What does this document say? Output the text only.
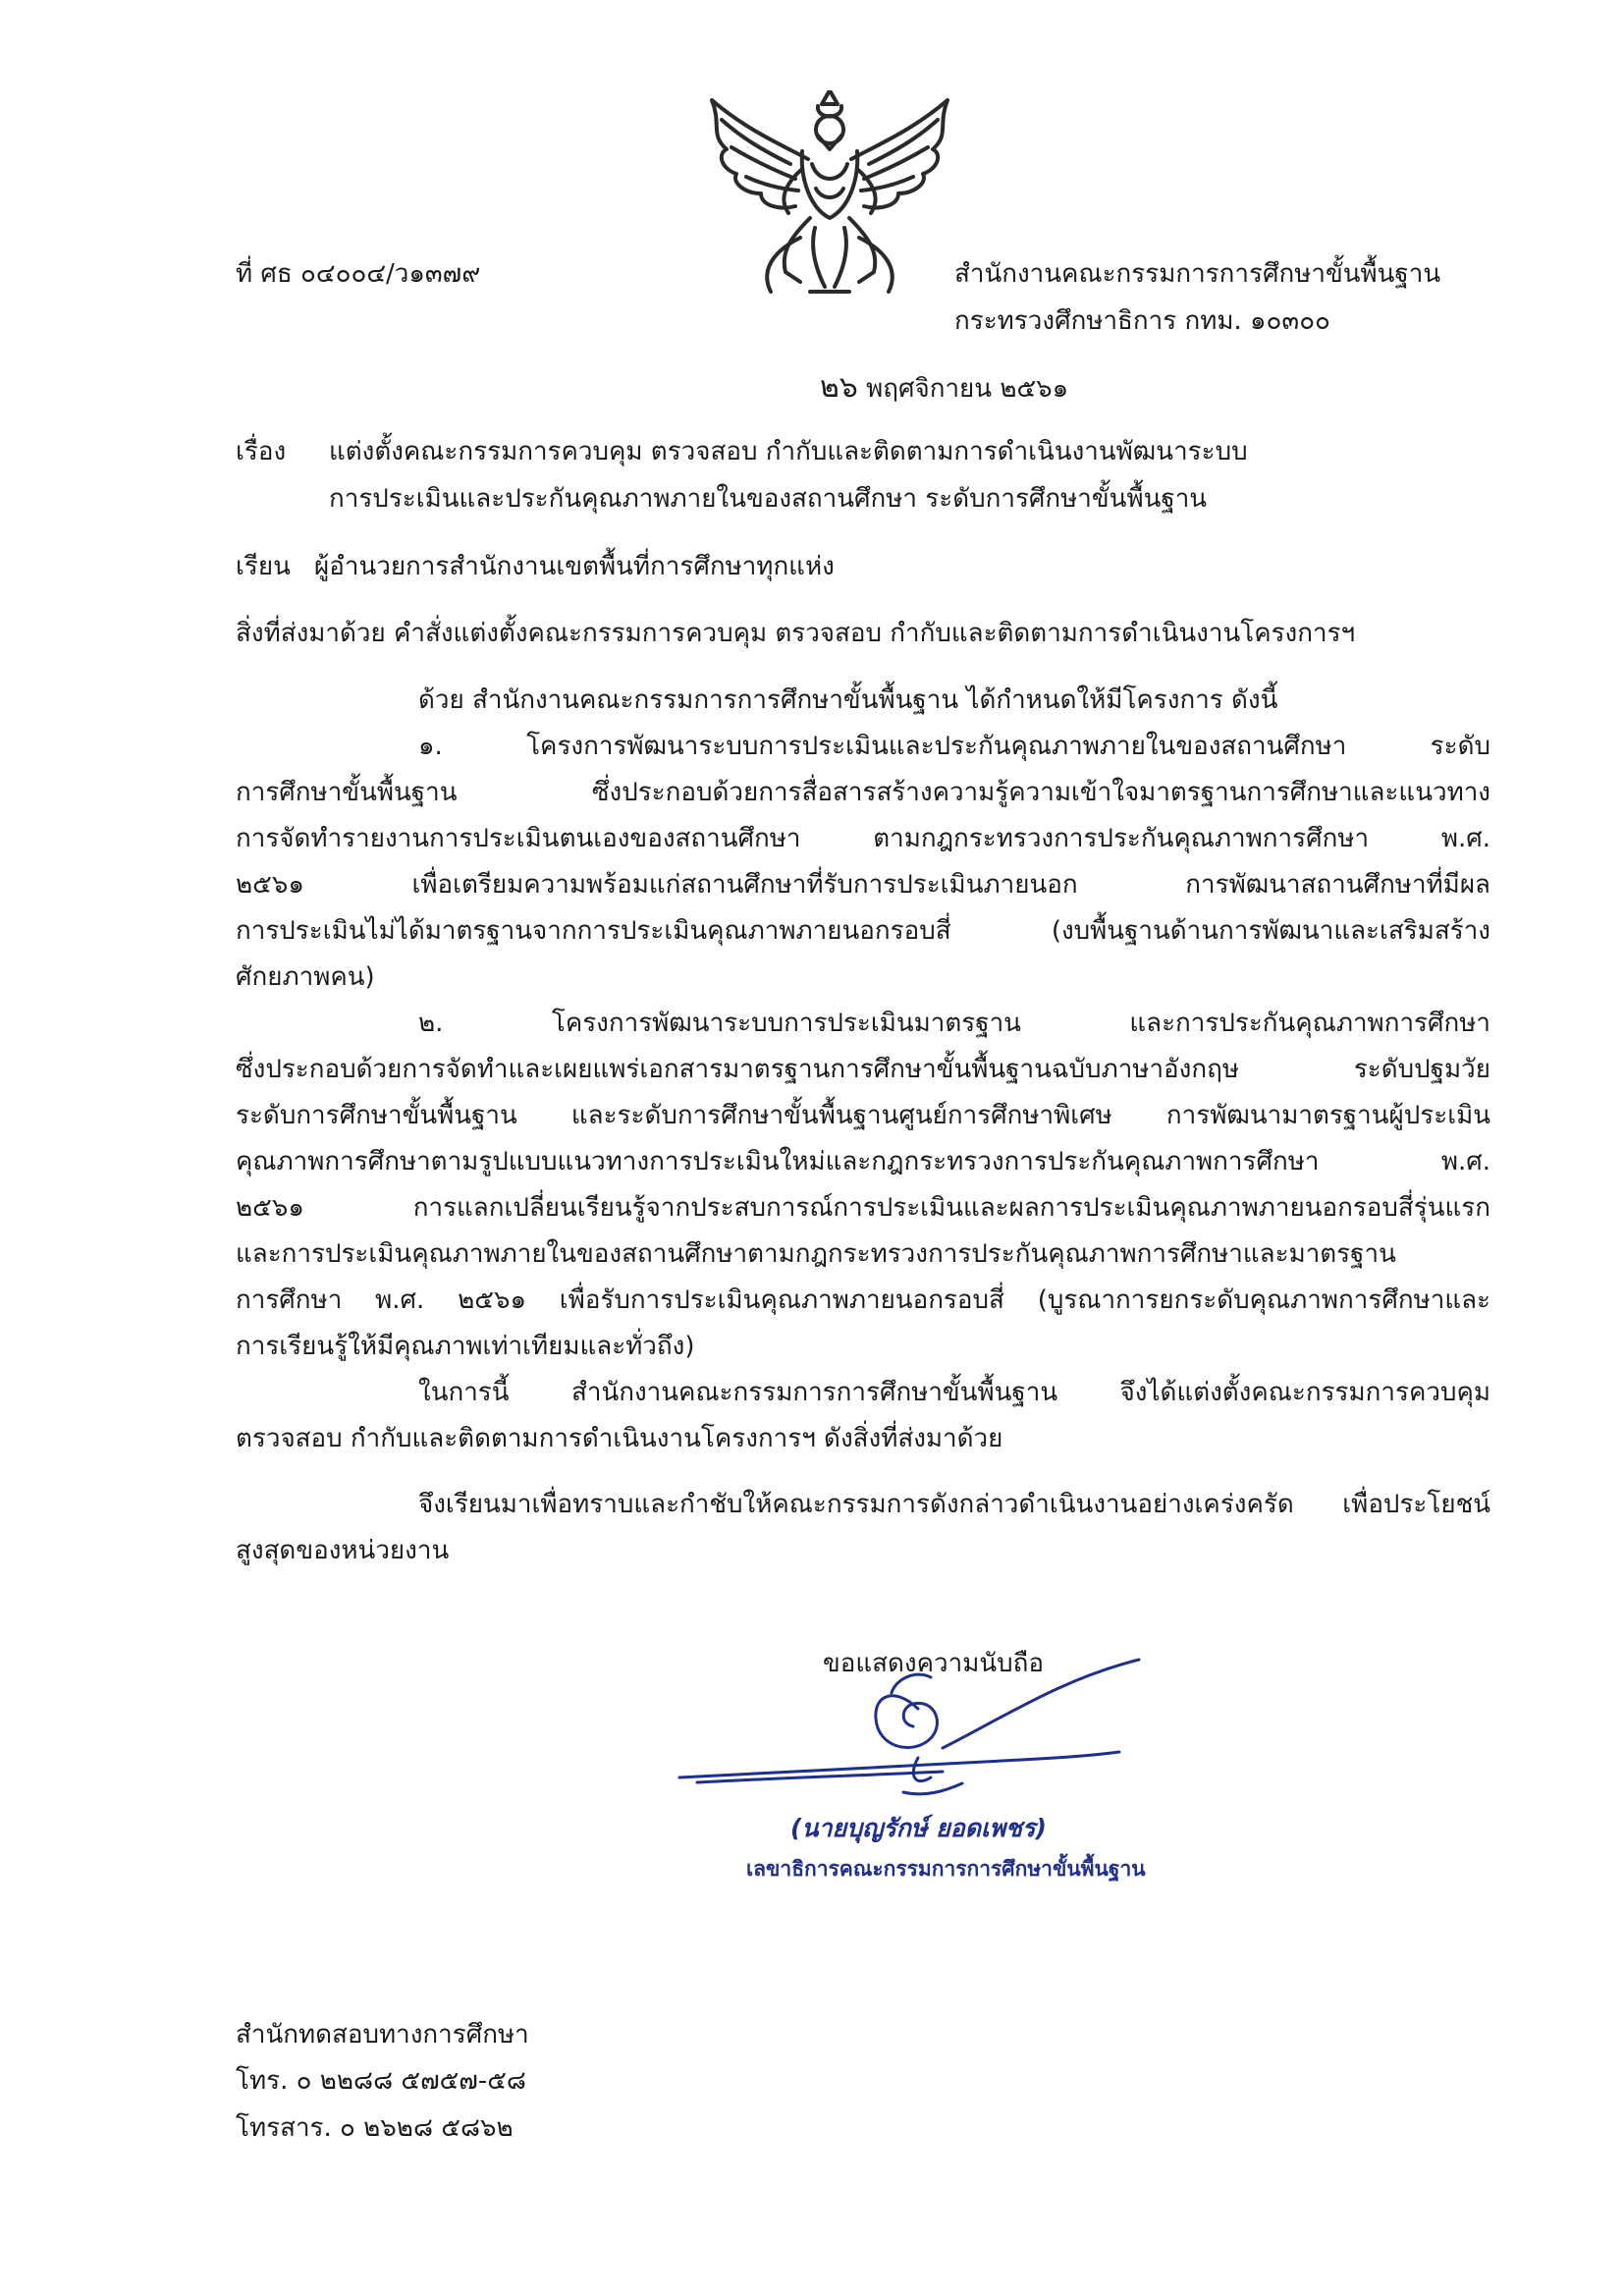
ที่ ศธ ๐๔๐๐๔/ว๑๓๗๙	สำนักงานคณะกรรมการการศึกษาขั้นพื้นฐาน
กระทรวงศึกษาธิการ กทม. ๑๐๓๐๐
๒๖ พฤศจิกายน ๒๕๖๑
เรื่อง แต่งตั้งคณะกรรมการควบคุม ตรวจสอบ กำกับและติดตามการดำเนินงานพัฒนาระบบ
การประเมินและประกันคุณภาพภายในของสถานศึกษา ระดับการศึกษาขั้นพื้นฐาน
เรียน ผู้อำนวยการสำนักงานเขตพื้นที่การศึกษาทุกแห่ง
สิ่งที่ส่งมาด้วย คำสั่งแต่งตั้งคณะกรรมการควบคุม ตรวจสอบ กำกับและติดตามการดำเนินงานโครงการฯ
ด้วย สำนักงานคณะกรรมการการศึกษาขั้นพื้นฐาน ได้กำหนดให้มีโครงการ ดังนี้
๑. โครงการพัฒนาระบบการประเมินและประกันคุณภาพภายในของสถานศึกษา ระดับ
การศึกษาขั้นพื้นฐาน ซึ่งประกอบด้วยการสื่อสารสร้างความรู้ความเข้าใจมาตรฐานการศึกษาและแนวทาง
การจัดทำรายงานการประเมินตนเองของสถานศึกษา ตามกฎกระทรวงการประกันคุณภาพการศึกษา พ.ศ.
๒๕๖๑ เพื่อเตรียมความพร้อมแก่สถานศึกษาที่รับการประเมินภายนอก การพัฒนาสถานศึกษาที่มีผล
การประเมินไม่ได้มาตรฐานจากการประเมินคุณภาพภายนอกรอบสี่ (งบพื้นฐานด้านการพัฒนาและเสริมสร้าง
ศักยภาพคน)
๒. โครงการพัฒนาระบบการประเมินมาตรฐาน และการประกันคุณภาพการศึกษา
ซึ่งประกอบด้วยการจัดทำและเผยแพร่เอกสารมาตรฐานการศึกษาขั้นพื้นฐานฉบับภาษาอังกฤษ ระดับปฐมวัย
ระดับการศึกษาขั้นพื้นฐาน และระดับการศึกษาขั้นพื้นฐานศูนย์การศึกษาพิเศษ การพัฒนามาตรฐานผู้ประเมิน
คุณภาพการศึกษาตามรูปแบบแนวทางการประเมินใหม่และกฎกระทรวงการประกันคุณภาพการศึกษา พ.ศ.
๒๕๖๑ การแลกเปลี่ยนเรียนรู้จากประสบการณ์การประเมินและผลการประเมินคุณภาพภายนอกรอบสี่รุ่นแรก
และการประเมินคุณภาพภายในของสถานศึกษาตามกฎกระทรวงการประกันคุณภาพการศึกษาและมาตรฐาน
การศึกษา พ.ศ. ๒๕๖๑ เพื่อรับการประเมินคุณภาพภายนอกรอบสี่ (บูรณาการยกระดับคุณภาพการศึกษาและ
การเรียนรู้ให้มีคุณภาพเท่าเทียมและทั่วถึง)
ในการนี้ สำนักงานคณะกรรมการการศึกษาขั้นพื้นฐาน จึงได้แต่งตั้งคณะกรรมการควบคุม
ตรวจสอบ กำกับและติดตามการดำเนินงานโครงการฯ ดังสิ่งที่ส่งมาด้วย
จึงเรียนมาเพื่อทราบและกำชับให้คณะกรรมการดังกล่าวดำเนินงานอย่างเคร่งครัด เพื่อประโยชน์
สูงสุดของหน่วยงาน
ขอแสดงความนับถือ
(นายบุญรักษ์ ยอดเพชร)
เลขาธิการคณะกรรมการการศึกษาขั้นพื้นฐาน
สำนักทดสอบทางการศึกษา
โทร. ๐ ๒๒๘๘ ๕๗๕๗-๕๘
โทรสาร. ๐ ๒๖๒๘ ๕๘๖๒
